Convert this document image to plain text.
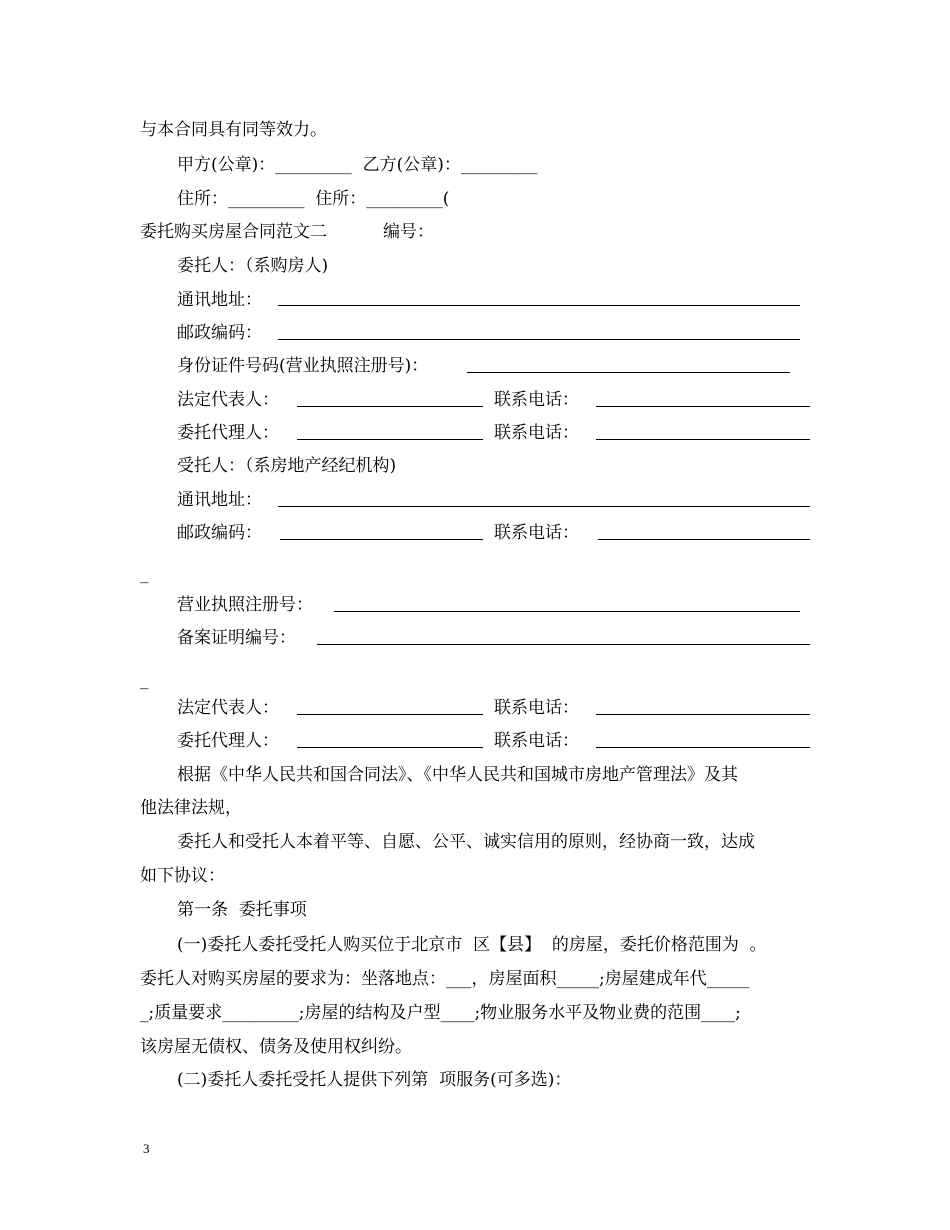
与本合同具有同等效力。
甲方(公章)：_________  乙方(公章)：_________
住所：_________  住所：_________(
委托购买房屋合同范文二	编号：
委托人：（系购房人)
通讯地址：
邮政编码：
身份证件号码(营业执照注册号)：
法定代表人：	联系电话：
委托代理人：	联系电话：
受托人：（系房地产经纪机构)
通讯地址：
邮政编码：	联系电话：
_
营业执照注册号：
备案证明编号：
_
法定代表人：	联系电话：
委托代理人：	联系电话：
根据《中华人民共和国合同法》、《中华人民共和国城市房地产管理法》及其
他法律法规，
委托人和受托人本着平等、自愿、公平、诚实信用的原则，经协商一致，达成
如下协议：
第一条  委托事项
(一)委托人委托受托人购买位于北京市  区【县】  的房屋，委托价格范围为  。
委托人对购买房屋的要求为：坐落地点：___，房屋面积_____;房屋建成年代_____
_;质量要求_________;房屋的结构及户型____;物业服务水平及物业费的范围____;
该房屋无债权、债务及使用权纠纷。
(二)委托人委托受托人提供下列第  项服务(可多选)：
3
